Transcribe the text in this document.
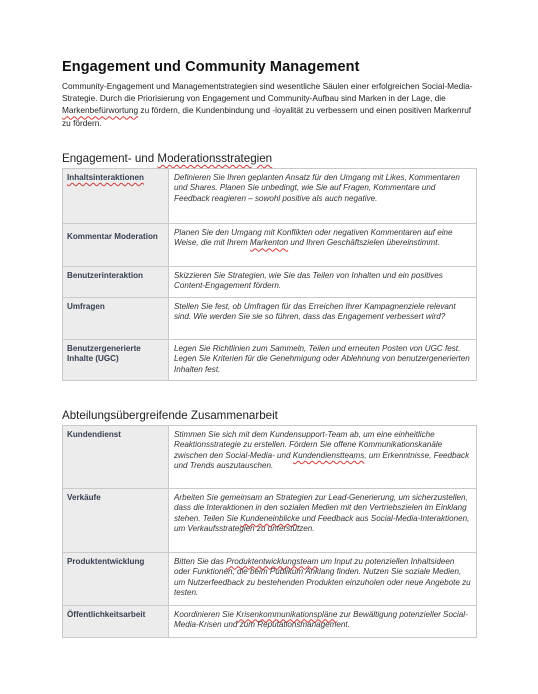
Engagement und Community Management

Community-Engagement und Managementstrategien sind wesentliche Säulen einer erfolgreichen Social-Media-Strategie. Durch die Priorisierung von Engagement und Community-Aufbau sind Marken in der Lage, die Markenbefürwortung zu fördern, die Kundenbindung und -loyalität zu verbessern und einen positiven Markenruf zu fördern.

Engagement- und Moderationsstrategien
Inhaltsinteraktionen	Definieren Sie Ihren geplanten Ansatz für den Umgang mit Likes, Kommentaren und Shares. Planen Sie unbedingt, wie Sie auf Fragen, Kommentare und Feedback reagieren – sowohl positive als auch negative.
Kommentar Moderation	Planen Sie den Umgang mit Konflikten oder negativen Kommentaren auf eine Weise, die mit Ihrem Markenton und Ihren Geschäftszielen übereinstimmt.
Benutzerinteraktion	Skizzieren Sie Strategien, wie Sie das Teilen von Inhalten und ein positives Content-Engagement fördern.
Umfragen	Stellen Sie fest, ob Umfragen für das Erreichen Ihrer Kampagnenziele relevant sind. Wie werden Sie sie so führen, dass das Engagement verbessert wird?
Benutzergenerierte Inhalte (UGC)	Legen Sie Richtlinien zum Sammeln, Teilen und erneuten Posten von UGC fest. Legen Sie Kriterien für die Genehmigung oder Ablehnung von benutzergenerierten Inhalten fest.
Abteilungsübergreifende Zusammenarbeit
Kundendienst	Stimmen Sie sich mit dem Kundensupport-Team ab, um eine einheitliche Reaktionsstrategie zu erstellen. Fördern Sie offene Kommunikationskanäle zwischen den Social-Media- und Kundendienstteams, um Erkenntnisse, Feedback und Trends auszutauschen.
Verkäufe	Arbeiten Sie gemeinsam an Strategien zur Lead-Generierung, um sicherzustellen, dass die Interaktionen in den sozialen Medien mit den Vertriebszielen im Einklang stehen. Teilen Sie Kundeneinblicke und Feedback aus Social-Media-Interaktionen, um Verkaufsstrategien zu unterstützen.
Produktentwicklung	Bitten Sie das Produktentwicklungsteam um Input zu potenziellen Inhaltsideen oder Funktionen, die beim Publikum Anklang finden. Nutzen Sie soziale Medien, um Nutzerfeedback zu bestehenden Produkten einzuholen oder neue Angebote zu testen.
Öffentlichkeitsarbeit	Koordinieren Sie Krisenkommunikationspläne zur Bewältigung potenzieller Social-Media-Krisen und zum Reputationsmanagement.
